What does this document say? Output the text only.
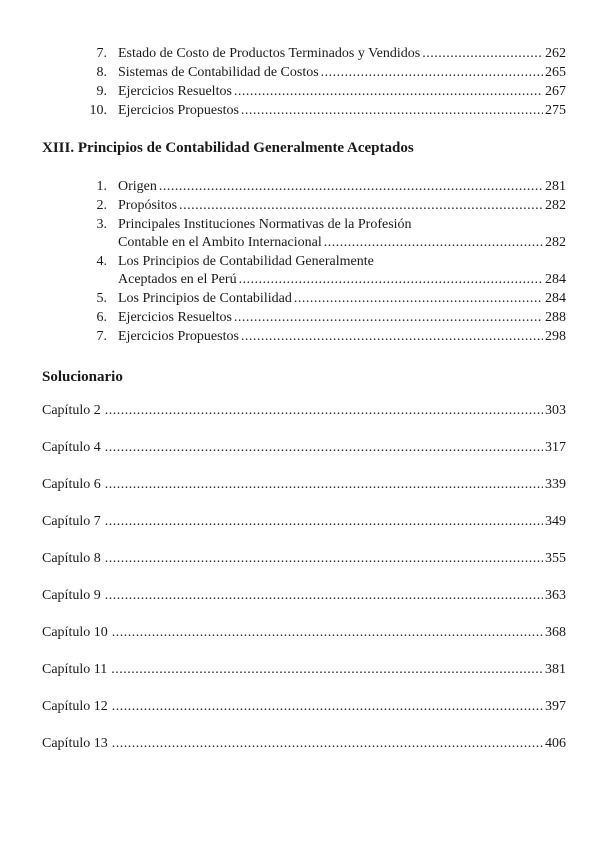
7. Estado de Costo de Productos Terminados y Vendidos .....	262
8. Sistemas de Contabilidad de Costos .....	265
9. Ejercicios Resueltos .....	267
10. Ejercicios Propuestos .....	275
XIII. Principios de Contabilidad Generalmente Aceptados
1. Origen .....	281
2. Propósitos .....	282
3. Principales Instituciones Normativas de la Profesión
Contable en el Ambito Internacional .....	282
4. Los Principios de Contabilidad Generalmente
Aceptados en el Perú .....	284
5. Los Principios de Contabilidad .....	284
6. Ejercicios Resueltos .....	288
7. Ejercicios Propuestos .....	298
Solucionario
Capítulo 2 .....	303
Capítulo 4 .....	317
Capítulo 6 .....	339
Capítulo 7 .....	349
Capítulo 8 .....	355
Capítulo 9 .....	363
Capítulo 10 .....	368
Capítulo 11 .....	381
Capítulo 12 .....	397
Capítulo 13 .....	406
